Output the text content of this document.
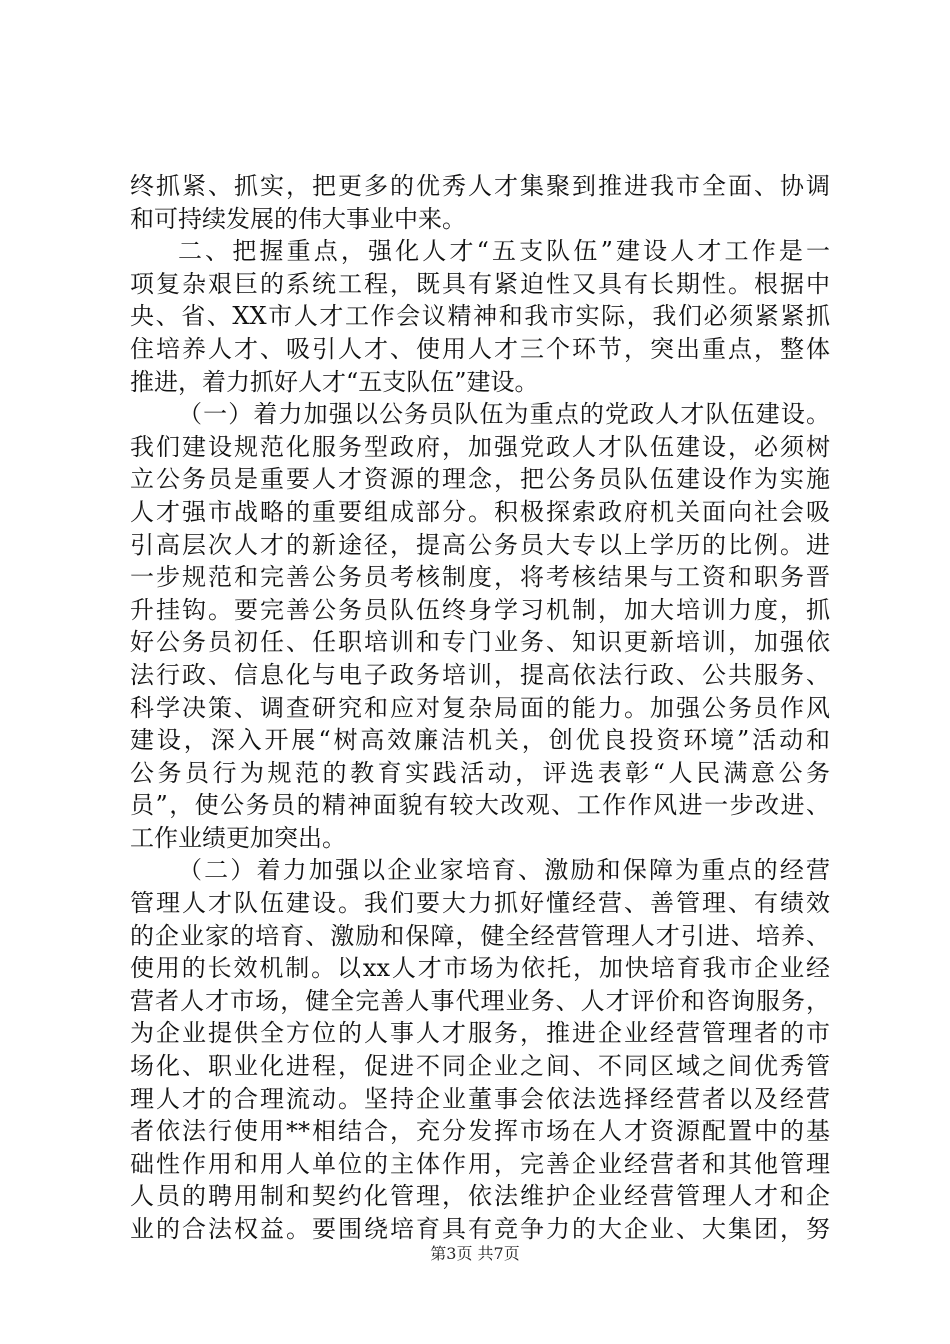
终抓紧、抓实，把更多的优秀人才集聚到推进我市全面、协调
和可持续发展的伟大事业中来。
二、把握重点，强化人才“五支队伍”建设人才工作是一
项复杂艰巨的系统工程，既具有紧迫性又具有长期性。根据中
央、省、XX市人才工作会议精神和我市实际，我们必须紧紧抓
住培养人才、吸引人才、使用人才三个环节，突出重点，整体
推进，着力抓好人才“五支队伍”建设。
（一）着力加强以公务员队伍为重点的党政人才队伍建设。
我们建设规范化服务型政府，加强党政人才队伍建设，必须树
立公务员是重要人才资源的理念，把公务员队伍建设作为实施
人才强市战略的重要组成部分。积极探索政府机关面向社会吸
引高层次人才的新途径，提高公务员大专以上学历的比例。进
一步规范和完善公务员考核制度，将考核结果与工资和职务晋
升挂钩。要完善公务员队伍终身学习机制，加大培训力度，抓
好公务员初任、任职培训和专门业务、知识更新培训，加强依
法行政、信息化与电子政务培训，提高依法行政、公共服务、
科学决策、调查研究和应对复杂局面的能力。加强公务员作风
建设，深入开展“树高效廉洁机关，创优良投资环境”活动和
公务员行为规范的教育实践活动，评选表彰“人民满意公务
员”，使公务员的精神面貌有较大改观、工作作风进一步改进、
工作业绩更加突出。
（二）着力加强以企业家培育、激励和保障为重点的经营
管理人才队伍建设。我们要大力抓好懂经营、善管理、有绩效
的企业家的培育、激励和保障，健全经营管理人才引进、培养、
使用的长效机制。以xx人才市场为依托，加快培育我市企业经
营者人才市场，健全完善人事代理业务、人才评价和咨询服务，
为企业提供全方位的人事人才服务，推进企业经营管理者的市
场化、职业化进程，促进不同企业之间、不同区域之间优秀管
理人才的合理流动。坚持企业董事会依法选择经营者以及经营
者依法行使用**相结合，充分发挥市场在人才资源配置中的基
础性作用和用人单位的主体作用，完善企业经营者和其他管理
人员的聘用制和契约化管理，依法维护企业经营管理人才和企
业的合法权益。要围绕培育具有竞争力的大企业、大集团，努
第3页 共7页
